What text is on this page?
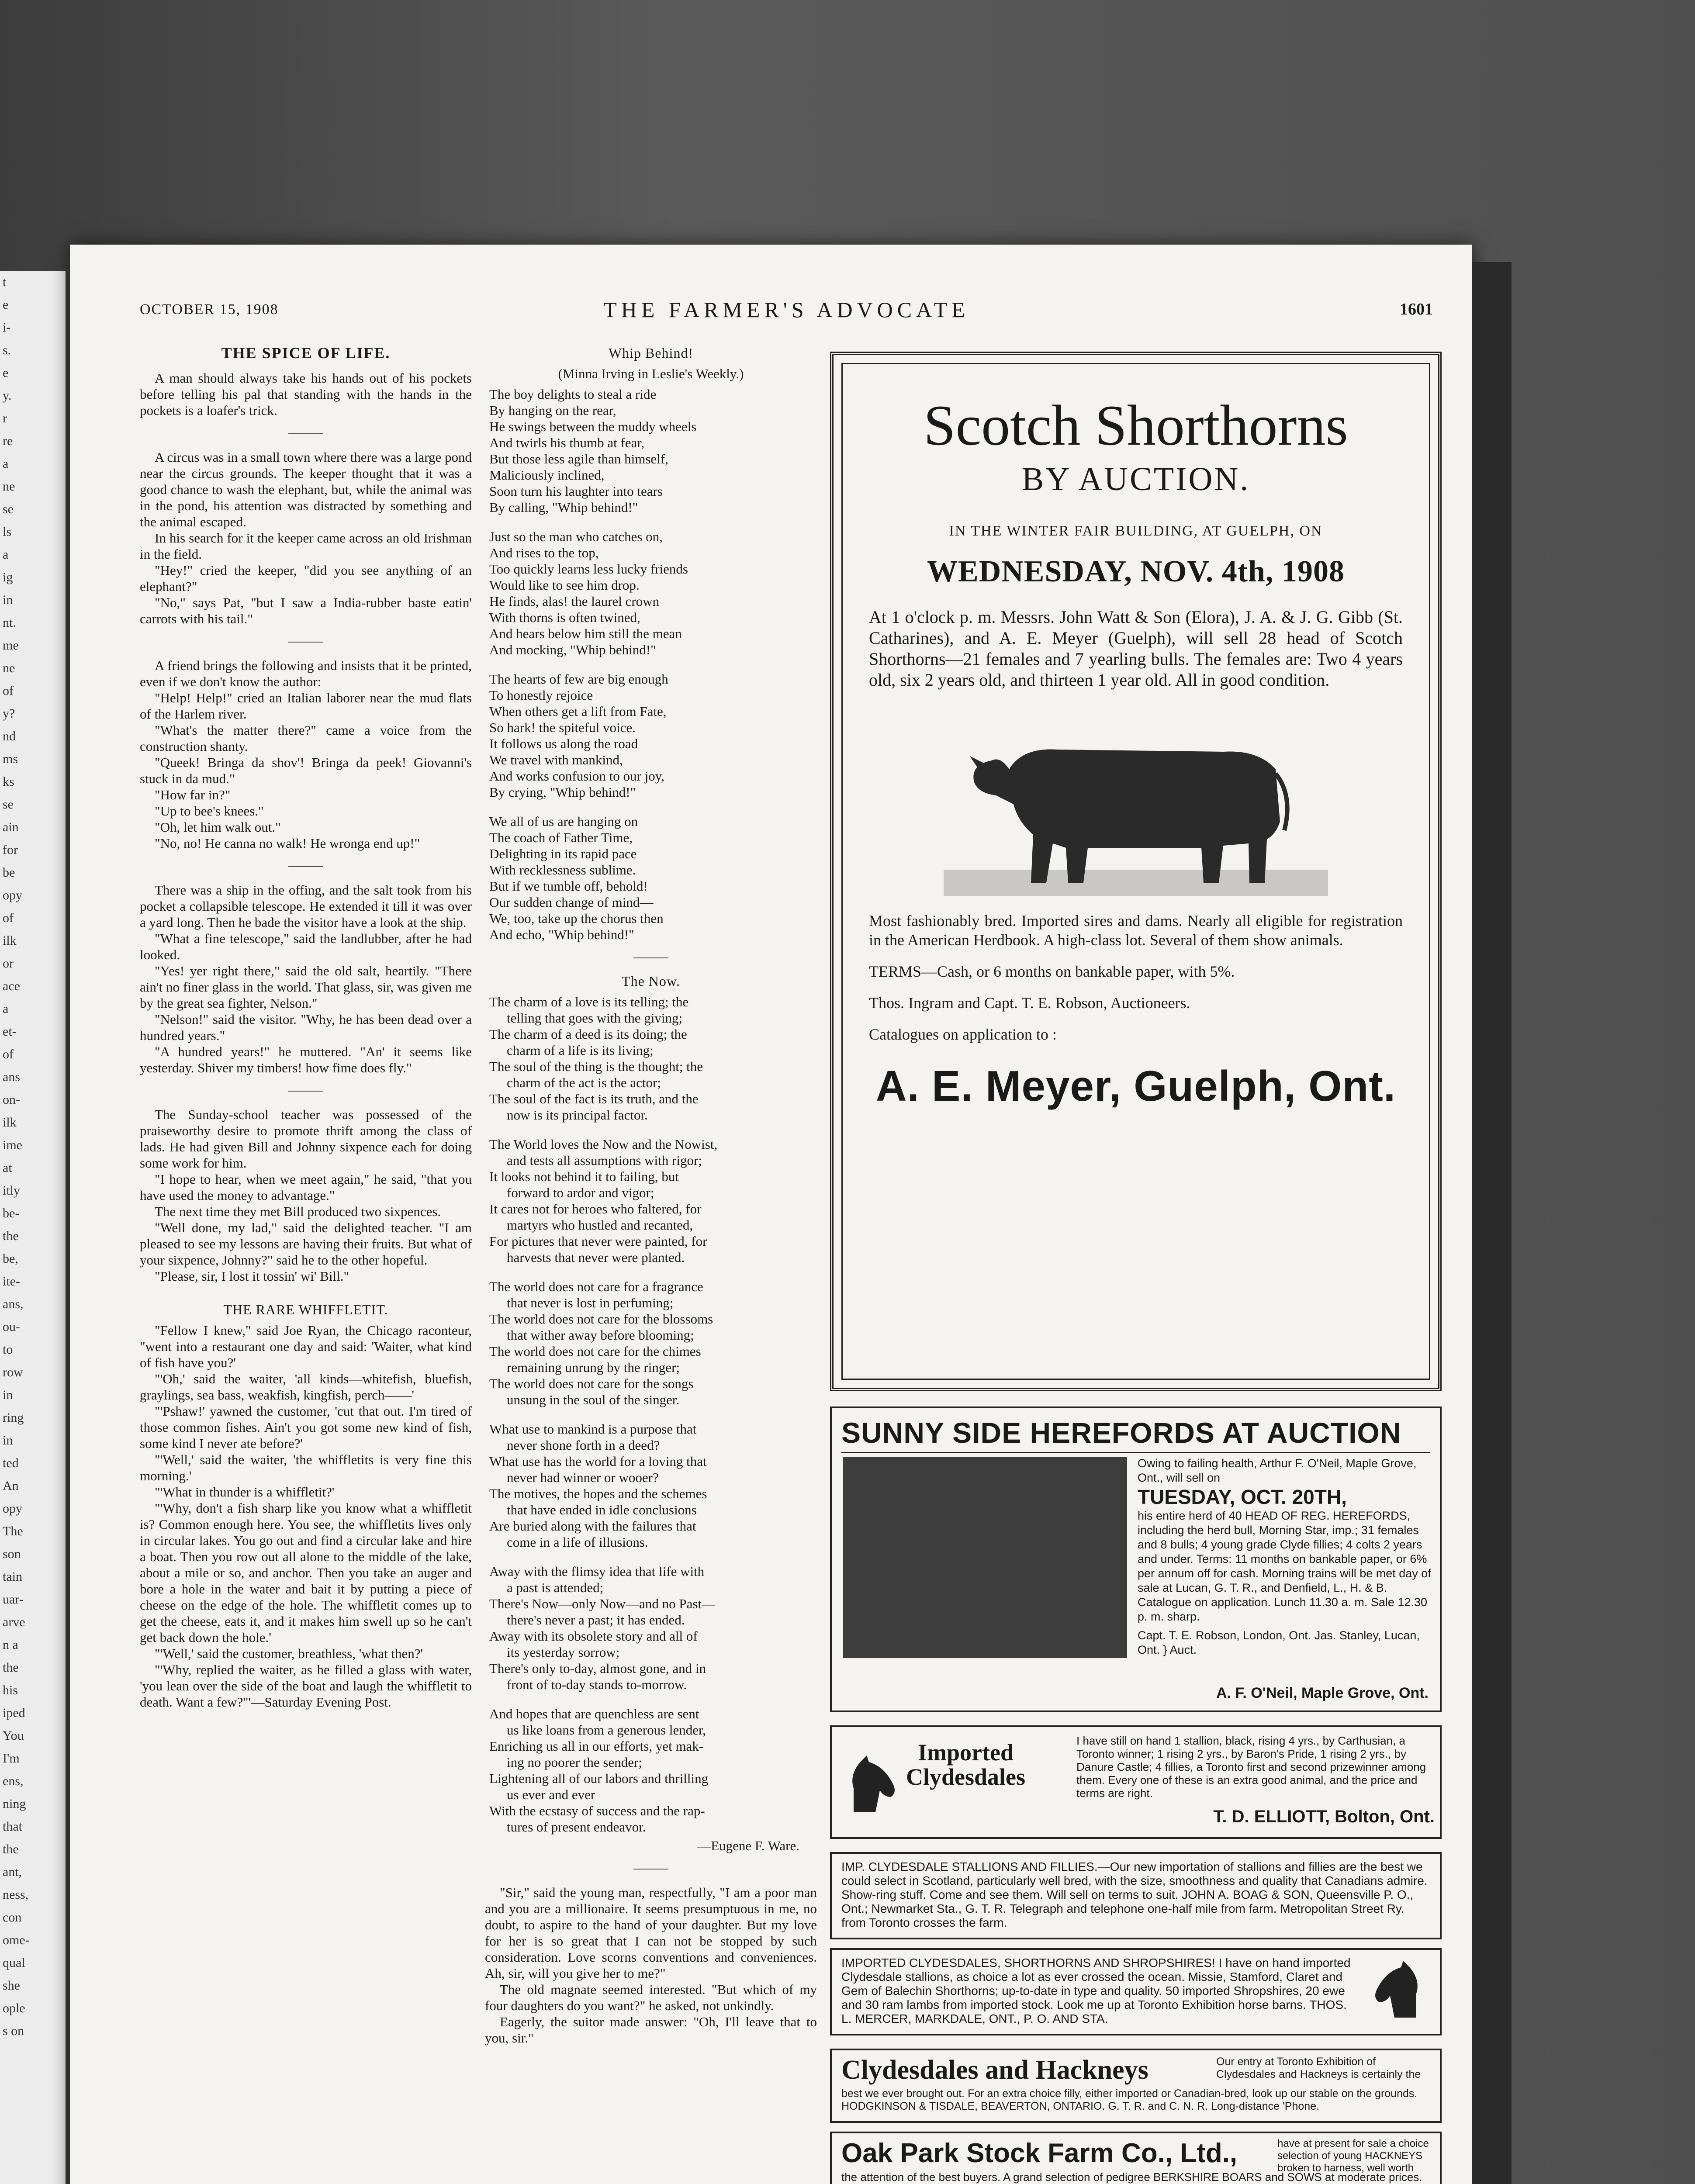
t
e
i-
s.
e
y.
r
re
a
ne
se
ls
a
ig
in
nt.
me
ne
of
y?
nd
ms
ks
se
ain
for
be
opy
of
ilk
or
ace
a
et-
of
ans
on-
ilk
ime
at
itly
be-
the
be,
ite-
ans,
ou-
to
row
in
ring
in
ted
An
opy
The
son
tain
uar-
arve
n a
the
his
iped
You
I'm
ens,
ning
that
the
ant,
ness,
con
ome-
qual
she
ople
s on
OCTOBER 15, 1908	THE FARMER'S ADVOCATE	1601
THE SPICE OF LIFE.

A man should always take his hands out of his pockets before telling his pal that standing with the hands in the pockets is a loafer's trick.

A circus was in a small town where there was a large pond near the circus grounds. The keeper thought that it was a good chance to wash the elephant, but, while the animal was in the pond, his attention was distracted by something and the animal escaped.

In his search for it the keeper came across an old Irishman in the field.

"Hey!" cried the keeper, "did you see anything of an elephant?"

"No," says Pat, "but I saw a India-rubber baste eatin' carrots with his tail."

A friend brings the following and insists that it be printed, even if we don't know the author:

"Help! Help!" cried an Italian laborer near the mud flats of the Harlem river.

"What's the matter there?" came a voice from the construction shanty.

"Queek! Bringa da shov'! Bringa da peek! Giovanni's stuck in da mud."

"How far in?"

"Up to bee's knees."

"Oh, let him walk out."

"No, no! He canna no walk! He wronga end up!"

There was a ship in the offing, and the salt took from his pocket a collapsible telescope. He extended it till it was over a yard long. Then he bade the visitor have a look at the ship.

"What a fine telescope," said the landlubber, after he had looked.

"Yes! yer right there," said the old salt, heartily. "There ain't no finer glass in the world. That glass, sir, was given me by the great sea fighter, Nelson."

"Nelson!" said the visitor. "Why, he has been dead over a hundred years."

"A hundred years!" he muttered. "An' it seems like yesterday. Shiver my timbers! how fime does fly."

The Sunday-school teacher was possessed of the praiseworthy desire to promote thrift among the class of lads. He had given Bill and Johnny sixpence each for doing some work for him.

"I hope to hear, when we meet again," he said, "that you have used the money to advantage."

The next time they met Bill produced two sixpences.

"Well done, my lad," said the delighted teacher. "I am pleased to see my lessons are having their fruits. But what of your sixpence, Johnny?" said he to the other hopeful.

"Please, sir, I lost it tossin' wi' Bill."

THE RARE WHIFFLETIT.

"Fellow I knew," said Joe Ryan, the Chicago raconteur, "went into a restaurant one day and said: 'Waiter, what kind of fish have you?'

"'Oh,' said the waiter, 'all kinds—whitefish, bluefish, graylings, sea bass, weakfish, kingfish, perch——'

"'Pshaw!' yawned the customer, 'cut that out. I'm tired of those common fishes. Ain't you got some new kind of fish, some kind I never ate before?'

"'Well,' said the waiter, 'the whiffletits is very fine this morning.'

"'What in thunder is a whiffletit?'

"'Why, don't a fish sharp like you know what a whiffletit is? Common enough here. You see, the whiffletits lives only in circular lakes. You go out and find a circular lake and hire a boat. Then you row out all alone to the middle of the lake, about a mile or so, and anchor. Then you take an auger and bore a hole in the water and bait it by putting a piece of cheese on the edge of the hole. The whiffletit comes up to get the cheese, eats it, and it makes him swell up so he can't get back down the hole.'

"'Well,' said the customer, breathless, 'what then?'

"'Why, replied the waiter, as he filled a glass with water, 'you lean over the side of the boat and laugh the whiffletit to death. Want a few?'"—Saturday Evening Post.

Whip Behind!
(Minna Irving in Leslie's Weekly.)

The boy delights to steal a ride

By hanging on the rear,

He swings between the muddy wheels

And twirls his thumb at fear,

But those less agile than himself,

Maliciously inclined,

Soon turn his laughter into tears

By calling, "Whip behind!"

Just so the man who catches on,

And rises to the top,

Too quickly learns less lucky friends

Would like to see him drop.

He finds, alas! the laurel crown

With thorns is often twined,

And hears below him still the mean

And mocking, "Whip behind!"

The hearts of few are big enough

To honestly rejoice

When others get a lift from Fate,

So hark! the spiteful voice.

It follows us along the road

We travel with mankind,

And works confusion to our joy,

By crying, "Whip behind!"

We all of us are hanging on

The coach of Father Time,

Delighting in its rapid pace

With recklessness sublime.

But if we tumble off, behold!

Our sudden change of mind—

We, too, take up the chorus then

And echo, "Whip behind!"

The Now.

The charm of a love is its telling; the

telling that goes with the giving;

The charm of a deed is its doing; the

charm of a life is its living;

The soul of the thing is the thought; the

charm of the act is the actor;

The soul of the fact is its truth, and the

now is its principal factor.

The World loves the Now and the Nowist,

and tests all assumptions with rigor;

It looks not behind it to failing, but

forward to ardor and vigor;

It cares not for heroes who faltered, for

martyrs who hustled and recanted,

For pictures that never were painted, for

harvests that never were planted.

The world does not care for a fragrance

that never is lost in perfuming;

The world does not care for the blossoms

that wither away before blooming;

The world does not care for the chimes

remaining unrung by the ringer;

The world does not care for the songs

unsung in the soul of the singer.

What use to mankind is a purpose that

never shone forth in a deed?

What use has the world for a loving that

never had winner or wooer?

The motives, the hopes and the schemes

that have ended in idle conclusions

Are buried along with the failures that

come in a life of illusions.

Away with the flimsy idea that life with

a past is attended;

There's Now—only Now—and no Past—

there's never a past; it has ended.

Away with its obsolete story and all of

its yesterday sorrow;

There's only to-day, almost gone, and in

front of to-day stands to-morrow.

And hopes that are quenchless are sent

us like loans from a generous lender,

Enriching us all in our efforts, yet mak-

ing no poorer the sender;

Lightening all of our labors and thrilling

us ever and ever

With the ecstasy of success and the rap-

tures of present endeavor.

—Eugene F. Ware.

"Sir," said the young man, respectfully, "I am a poor man and you are a millionaire. It seems presumptuous in me, no doubt, to aspire to the hand of your daughter. But my love for her is so great that I can not be stopped by such consideration. Love scorns conventions and conveniences. Ah, sir, will you give her to me?"

The old magnate seemed interested. "But which of my four daughters do you want?" he asked, not unkindly.

Eagerly, the suitor made answer: "Oh, I'll leave that to you, sir."

Scotch Shorthorns
BY AUCTION.
IN THE WINTER FAIR BUILDING, AT GUELPH, ON
WEDNESDAY, NOV. 4th, 1908
At 1 o'clock p. m. Messrs. John Watt & Son (Elora), J. A. & J. G. Gibb (St. Catharines), and A. E. Meyer (Guelph), will sell 28 head of Scotch Shorthorns—21 females and 7 yearling bulls. The females are: Two 4 years old, six 2 years old, and thirteen 1 year old. All in good condition.
Most fashionably bred. Imported sires and dams. Nearly all eligible for registration in the American Herdbook. A high-class lot. Several of them show animals.
TERMS—Cash, or 6 months on bankable paper, with 5%.
Thos. Ingram and Capt. T. E. Robson, Auctioneers.
Catalogues on application to :
A. E. Meyer, Guelph, Ont.
SUNNY SIDE HEREFORDS AT AUCTION
Owing to failing health, Arthur F. O'Neil, Maple Grove, Ont., will sell on
TUESDAY, OCT. 20TH,
his entire herd of 40 HEAD OF REG. HEREFORDS, including the herd bull, Morning Star, imp.; 31 females and 8 bulls; 4 young grade Clyde fillies; 4 colts 2 years and under. Terms: 11 months on bankable paper, or 6% per annum off for cash. Morning trains will be met day of sale at Lucan, G. T. R., and Denfield, L., H. & B. Catalogue on application. Lunch 11.30 a. m. Sale 12.30 p. m. sharp.
Capt. T. E. Robson, London, Ont. Jas. Stanley, Lucan, Ont. } Auct.
A. F. O'Neil, Maple Grove, Ont.
Imported
Clydesdales
I have still on hand 1 stallion, black, rising 4 yrs., by Carthusian, a Toronto winner; 1 rising 2 yrs., by Baron's Pride, 1 rising 2 yrs., by Danure Castle; 4 fillies, a Toronto first and second prizewinner among them. Every one of these is an extra good animal, and the price and terms are right.
T. D. ELLIOTT, Bolton, Ont.
IMP. CLYDESDALE STALLIONS AND FILLIES.—Our new importation of stallions and fillies are the best we could select in Scotland, particularly well bred, with the size, smoothness and quality that Canadians admire. Show-ring stuff. Come and see them. Will sell on terms to suit. JOHN A. BOAG & SON, Queensville P. O., Ont.; Newmarket Sta., G. T. R. Telegraph and telephone one-half mile from farm. Metropolitan Street Ry. from Toronto crosses the farm.
IMPORTED CLYDESDALES, SHORTHORNS AND SHROPSHIRES! I have on hand imported Clydesdale stallions, as choice a lot as ever crossed the ocean. Missie, Stamford, Claret and Gem of Balechin Shorthorns; up-to-date in type and quality. 50 imported Shropshires, 20 ewe and 30 ram lambs from imported stock. Look me up at Toronto Exhibition horse barns. THOS. L. MERCER, MARKDALE, ONT., P. O. AND STA.
Clydesdales and Hackneys	Our entry at Toronto Exhibition of Clydesdales and Hackneys is certainly the
best we ever brought out. For an extra choice filly, either imported or Canadian-bred, look up our stable on the grounds. HODGKINSON & TISDALE, BEAVERTON, ONTARIO. G. T. R. and C. N. R. Long-distance 'Phone.
Oak Park Stock Farm Co., Ltd.,	have at present for sale a choice selection of young HACKNEYS broken to harness, well worth
the attention of the best buyers. A grand selection of pedigree BERKSHIRE BOARS and SOWS at moderate prices.
